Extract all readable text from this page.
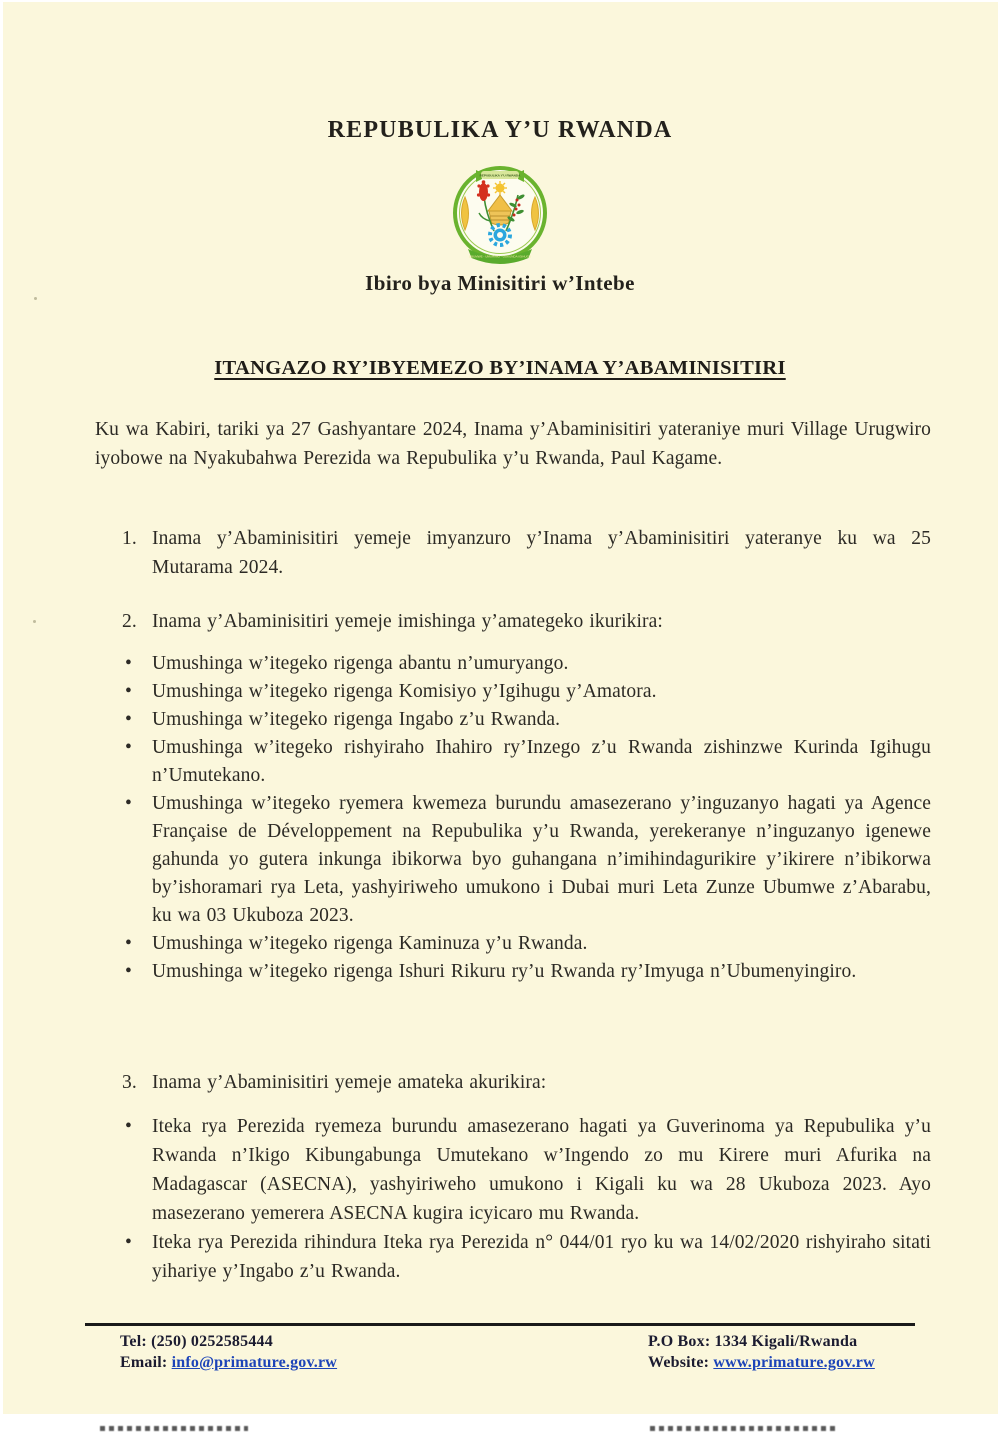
REPUBULIKA Y’U RWANDA
REPUBULIKA Y'U RWANDA
UBUMWE - UMURIMO - GUKUNDA IGIHUGU
Ibiro bya Minisitiri w’Intebe
ITANGAZO RY’IBYEMEZO BY’INAMA Y’ABAMINISITIRI
Ku wa Kabiri, tariki ya 27 Gashyantare 2024, Inama y’Abaminisitiri yateraniye muri Village Urugwiro iyobowe na Nyakubahwa Perezida wa Repubulika y’u Rwanda, Paul Kagame.
1. Inama y’Abaminisitiri yemeje imyanzuro y’Inama y’Abaminisitiri yateranye ku wa 25 Mutarama 2024.
2. Inama y’Abaminisitiri yemeje imishinga y’amategeko ikurikira:
•	Umushinga w’itegeko rigenga abantu n’umuryango.
•	Umushinga w’itegeko rigenga Komisiyo y’Igihugu y’Amatora.
•	Umushinga w’itegeko rigenga Ingabo z’u Rwanda.
•	Umushinga w’itegeko rishyiraho Ihahiro ry’Inzego z’u Rwanda zishinzwe Kurinda Igihugu n’Umutekano.
•	Umushinga w’itegeko ryemera kwemeza burundu amasezerano y’inguzanyo hagati ya Agence Française de Développement na Repubulika y’u Rwanda, yerekeranye n’inguzanyo igenewe gahunda yo gutera inkunga ibikorwa byo guhangana n’imihindagurikire y’ikirere n’ibikorwa by’ishoramari rya Leta, yashyiriweho umukono i Dubai muri Leta Zunze Ubumwe z’Abarabu, ku wa 03 Ukuboza 2023.
•	Umushinga w’itegeko rigenga Kaminuza y’u Rwanda.
•	Umushinga w’itegeko rigenga Ishuri Rikuru ry’u Rwanda ry’Imyuga n’Ubumenyingiro.
3. Inama y’Abaminisitiri yemeje amateka akurikira:
•	Iteka rya Perezida ryemeza burundu amasezerano hagati ya Guverinoma ya Repubulika y’u Rwanda n’Ikigo Kibungabunga Umutekano w’Ingendo zo mu Kirere muri Afurika na Madagascar (ASECNA), yashyiriweho umukono i Kigali ku wa 28 Ukuboza 2023. Ayo masezerano yemerera ASECNA kugira icyicaro mu Rwanda.
•	Iteka rya Perezida rihindura Iteka rya Perezida n° 044/01 ryo ku wa 14/02/2020 rishyiraho sitati yihariye y’Ingabo z’u Rwanda.
Tel: (250) 0252585444
Email: info@primature.gov.rw
P.O Box: 1334 Kigali/Rwanda
Website: www.primature.gov.rw
